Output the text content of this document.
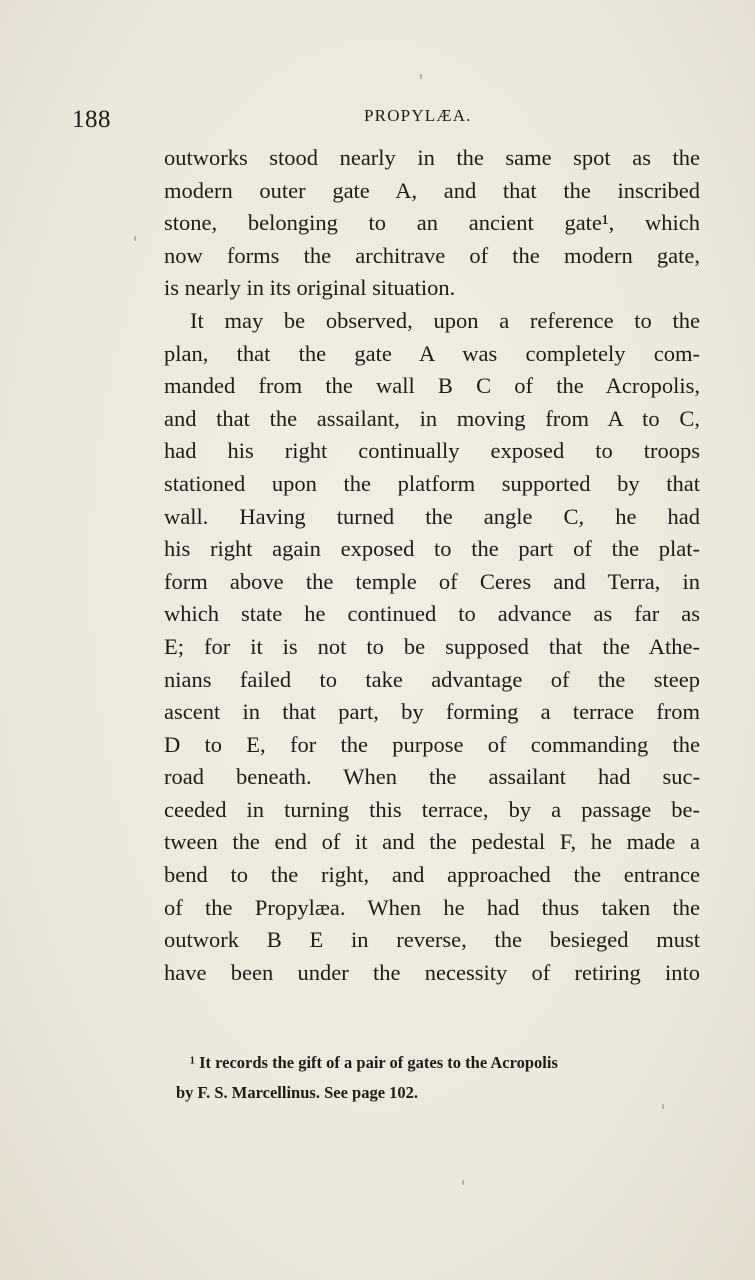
188	PROPYLÆA.
outworks stood nearly in the same spot as the
modern outer gate A, and that the inscribed
stone, belonging to an ancient gate¹, which
now forms the architrave of the modern gate,
is nearly in its original situation.
It may be observed, upon a reference to the
plan, that the gate A was completely com-
manded from the wall B C of the Acropolis,
and that the assailant, in moving from A to C,
had his right continually exposed to troops
stationed upon the platform supported by that
wall. Having turned the angle C, he had
his right again exposed to the part of the plat-
form above the temple of Ceres and Terra, in
which state he continued to advance as far as
E; for it is not to be supposed that the Athe-
nians failed to take advantage of the steep
ascent in that part, by forming a terrace from
D to E, for the purpose of commanding the
road beneath. When the assailant had suc-
ceeded in turning this terrace, by a passage be-
tween the end of it and the pedestal F, he made a
bend to the right, and approached the entrance
of the Propylæa. When he had thus taken the
outwork B E in reverse, the besieged must
have been under the necessity of retiring into
¹ It records the gift of a pair of gates to the Acropolis
by F. S. Marcellinus. See page 102.
